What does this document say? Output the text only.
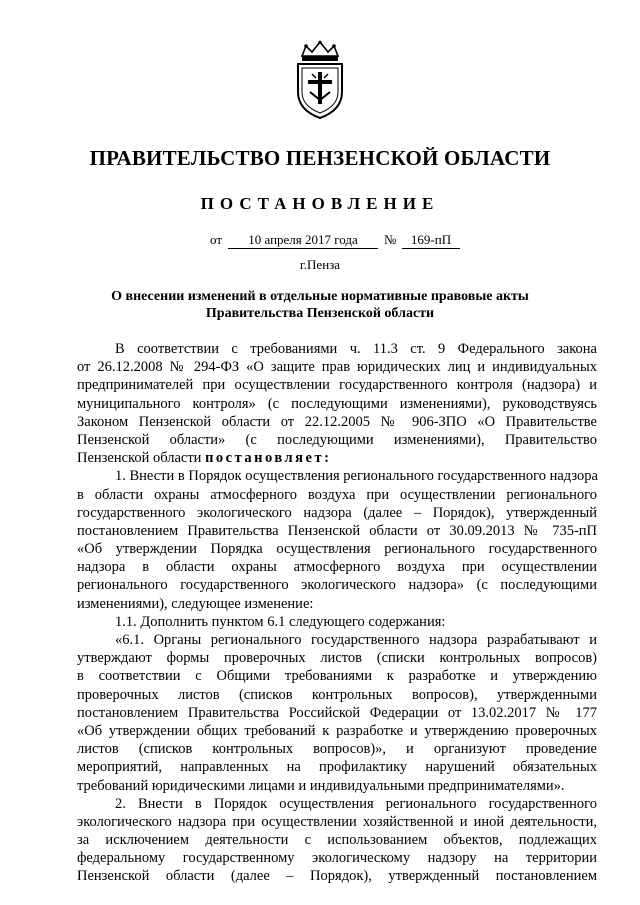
ПРАВИТЕЛЬСТВО ПЕНЗЕНСКОЙ ОБЛАСТИ
ПОСТАНОВЛЕНИЕ
от	10 апреля 2017 года	№	169-пП
г.Пенза
О внесении изменений в отдельные нормативные правовые акты
Правительства Пензенской области
В соответствии с требованиями ч. 11.3 ст. 9 Федерального закона
от 26.12.2008 № 294-ФЗ «О защите прав юридических лиц и индивидуальных
предпринимателей при осуществлении государственного контроля (надзора) и
муниципального контроля» (с последующими изменениями), руководствуясь
Законом Пензенской области от 22.12.2005 № 906-ЗПО «О Правительстве
Пензенской области» (с последующими изменениями), Правительство
Пензенской области постановляет:
1. Внести в Порядок осуществления регионального государственного надзора
в области охраны атмосферного воздуха при осуществлении регионального
государственного экологического надзора (далее – Порядок), утвержденный
постановлением Правительства Пензенской области от 30.09.2013 № 735-пП
«Об утверждении Порядка осуществления регионального государственного
надзора в области охраны атмосферного воздуха при осуществлении
регионального государственного экологического надзора» (с последующими
изменениями), следующее изменение:
1.1. Дополнить пунктом 6.1 следующего содержания:
«6.1. Органы регионального государственного надзора разрабатывают и
утверждают формы проверочных листов (списки контрольных вопросов)
в соответствии с Общими требованиями к разработке и утверждению
проверочных листов (списков контрольных вопросов), утвержденными
постановлением Правительства Российской Федерации от 13.02.2017 № 177
«Об утверждении общих требований к разработке и утверждению проверочных
листов (списков контрольных вопросов)», и организуют проведение
мероприятий, направленных на профилактику нарушений обязательных
требований юридическими лицами и индивидуальными предпринимателями».
2. Внести в Порядок осуществления регионального государственного
экологического надзора при осуществлении хозяйственной и иной деятельности,
за исключением деятельности с использованием объектов, подлежащих
федеральному государственному экологическому надзору на территории
Пензенской области (далее – Порядок), утвержденный постановлением
